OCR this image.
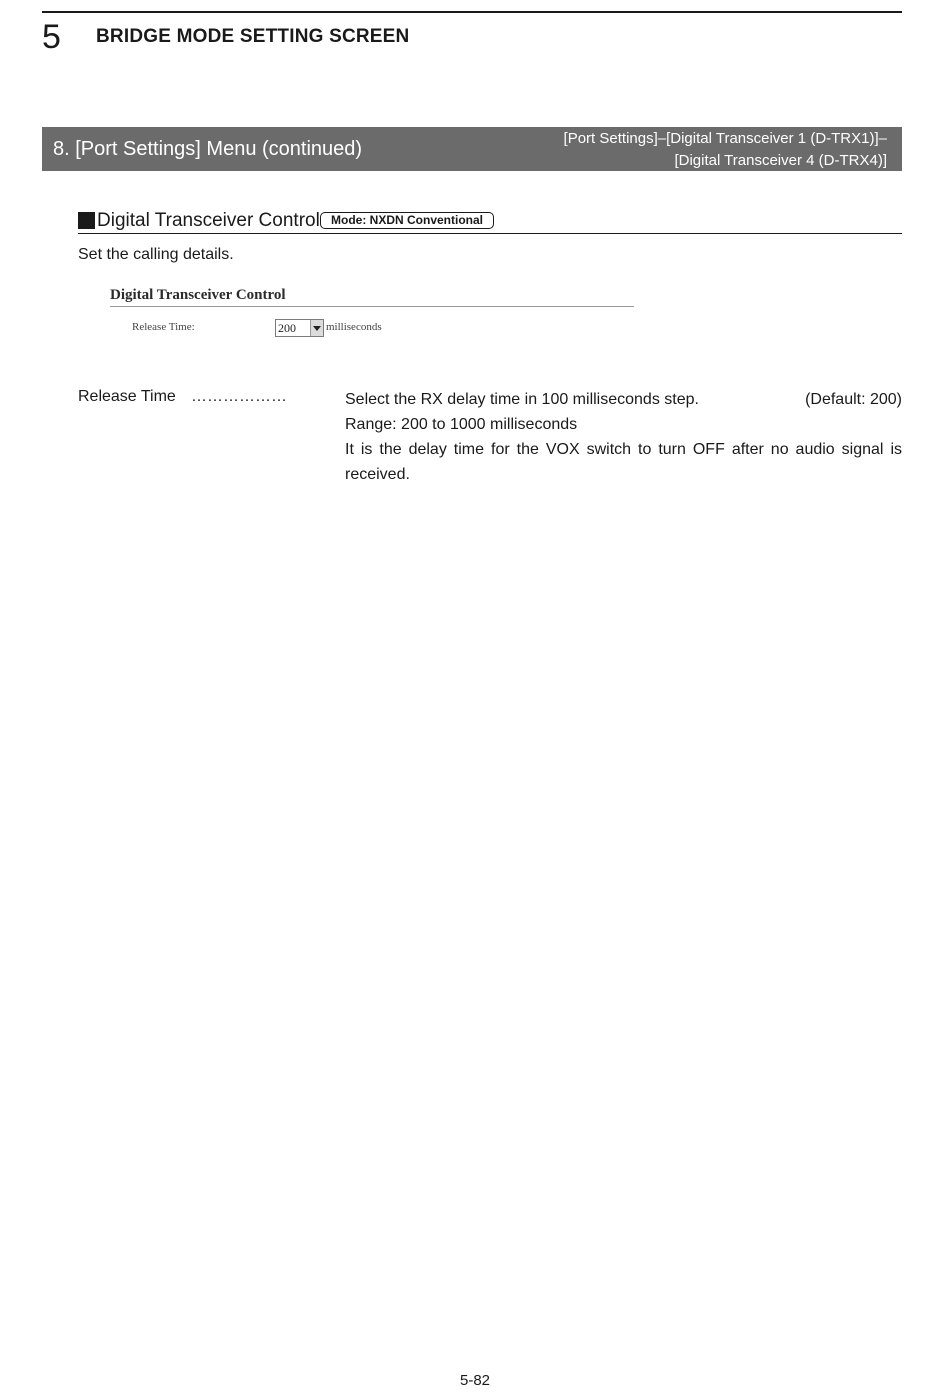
5 BRIDGE MODE SETTING SCREEN
8. [Port Settings] Menu (continued)	[Port Settings]–[Digital Transceiver 1 (D-TRX1)]–
[Digital Transceiver 4 (D-TRX4)]
Digital Transceiver Control Mode: NXDN Conventional
Set the calling details.
Digital Transceiver Control
Release Time:	200	milliseconds
Release Time ………………	Select the RX delay time in 100 milliseconds step.	(Default: 200)
Range: 200 to 1000 milliseconds
It is the delay time for the VOX switch to turn OFF after no audio signal is received.
5-82
